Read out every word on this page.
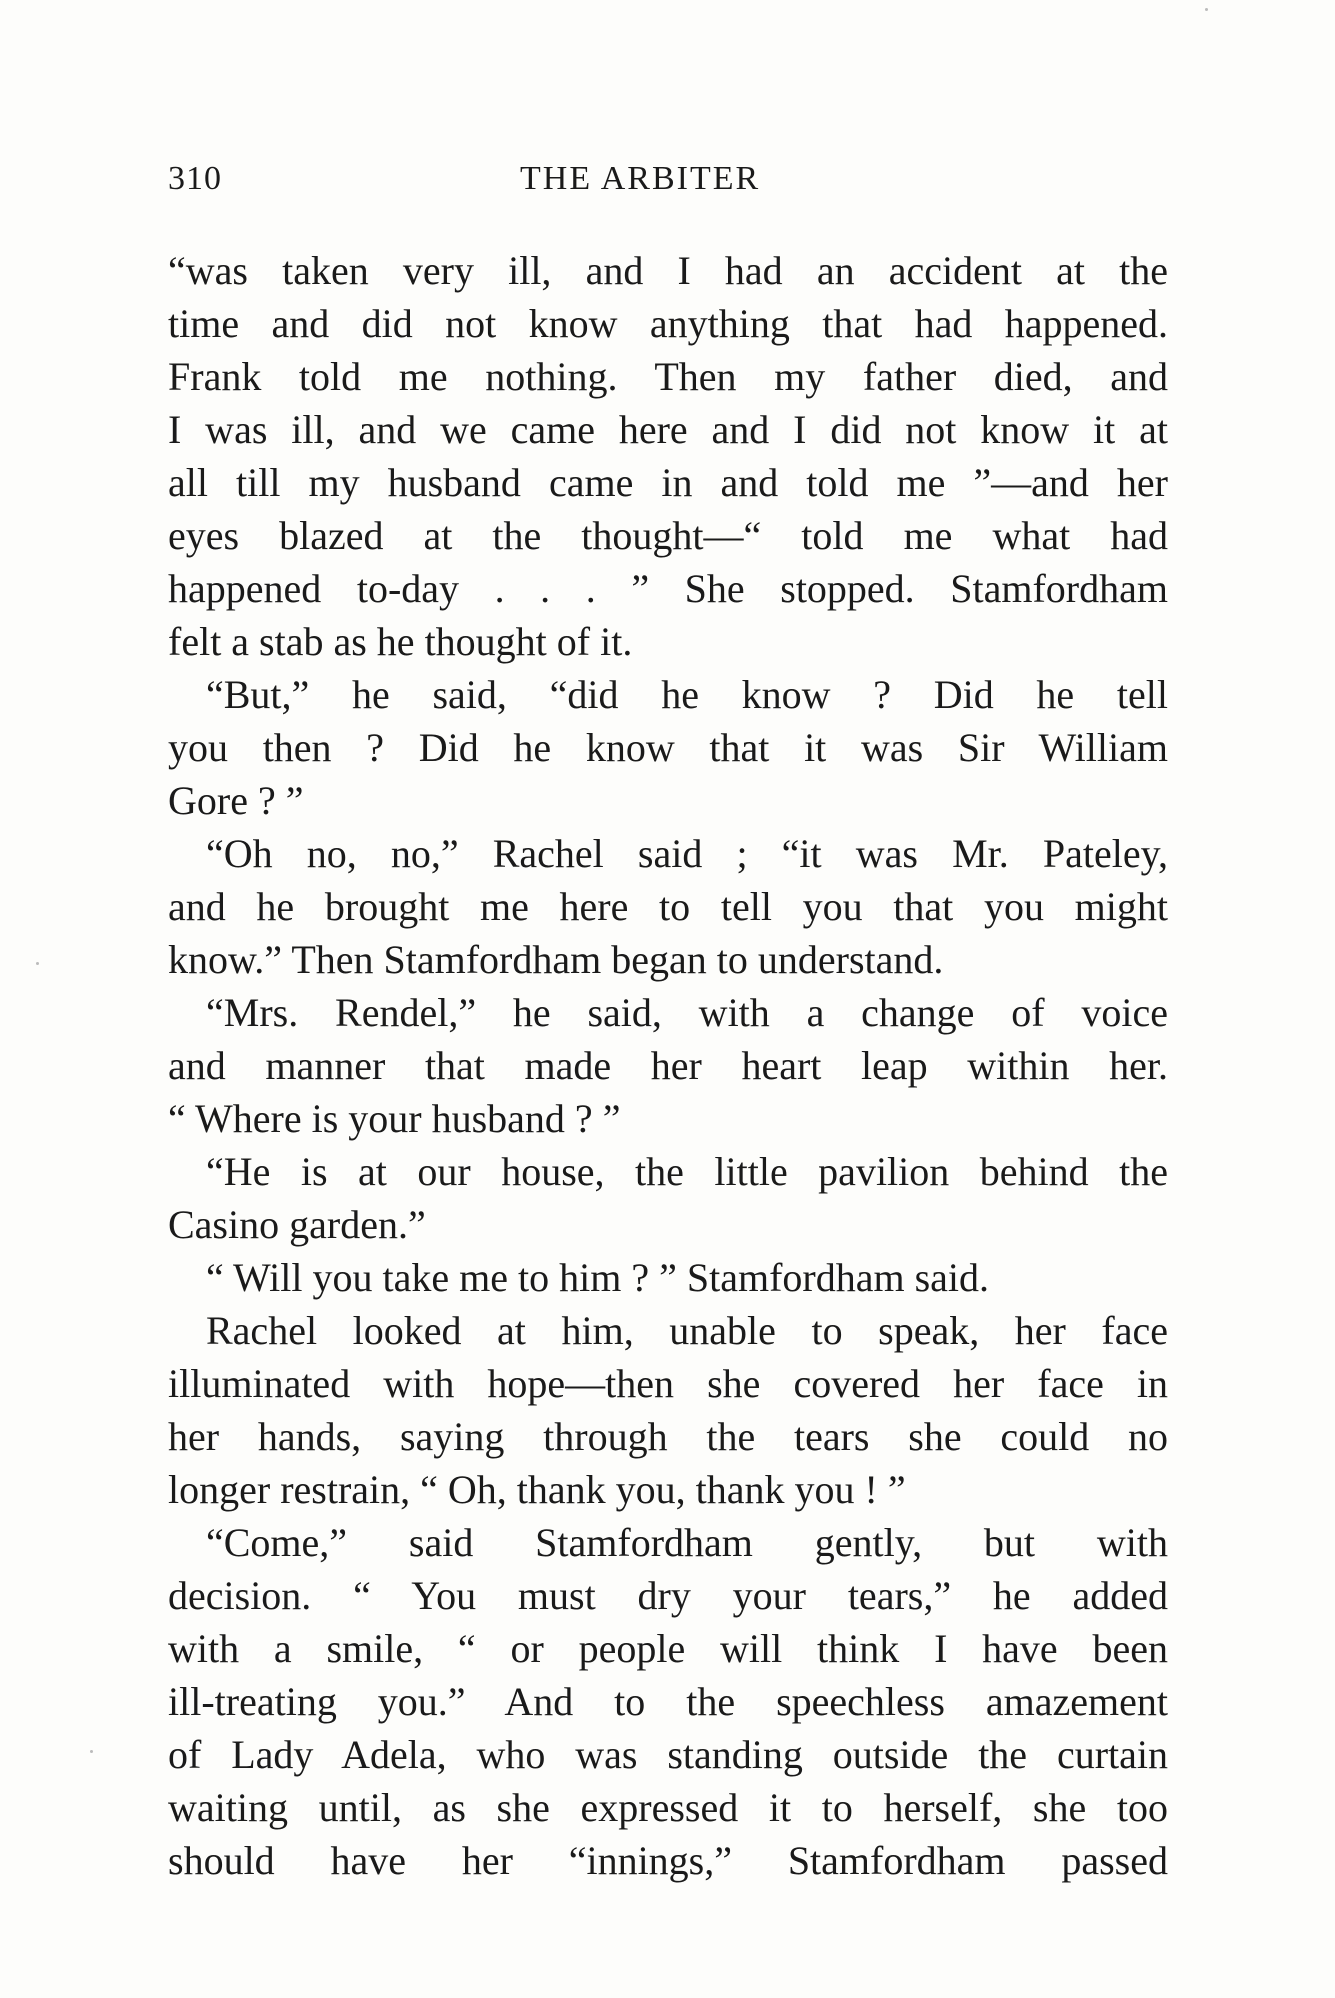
310	THE ARBITER
“was taken very ill, and I had an accident at the
time and did not know anything that had happened.
Frank told me nothing. Then my father died, and
I was ill, and we came here and I did not know it at
all till my husband came in and told me ”—and her
eyes blazed at the thought—“ told me what had
happened to-day . . . ” She stopped. Stamfordham
felt a stab as he thought of it.
“But,” he said, “did he know ? Did he tell
you then ? Did he know that it was Sir William
Gore ? ”
“Oh no, no,” Rachel said ; “it was Mr. Pateley,
and he brought me here to tell you that you might
know.” Then Stamfordham began to understand.
“Mrs. Rendel,” he said, with a change of voice
and manner that made her heart leap within her.
“ Where is your husband ? ”
“He is at our house, the little pavilion behind the
Casino garden.”
“ Will you take me to him ? ” Stamfordham said.
Rachel looked at him, unable to speak, her face
illuminated with hope—then she covered her face in
her hands, saying through the tears she could no
longer restrain, “ Oh, thank you, thank you ! ”
“Come,” said Stamfordham gently, but with
decision. “ You must dry your tears,” he added
with a smile, “ or people will think I have been
ill-treating you.” And to the speechless amazement
of Lady Adela, who was standing outside the curtain
waiting until, as she expressed it to herself, she too
should have her “innings,” Stamfordham passed
